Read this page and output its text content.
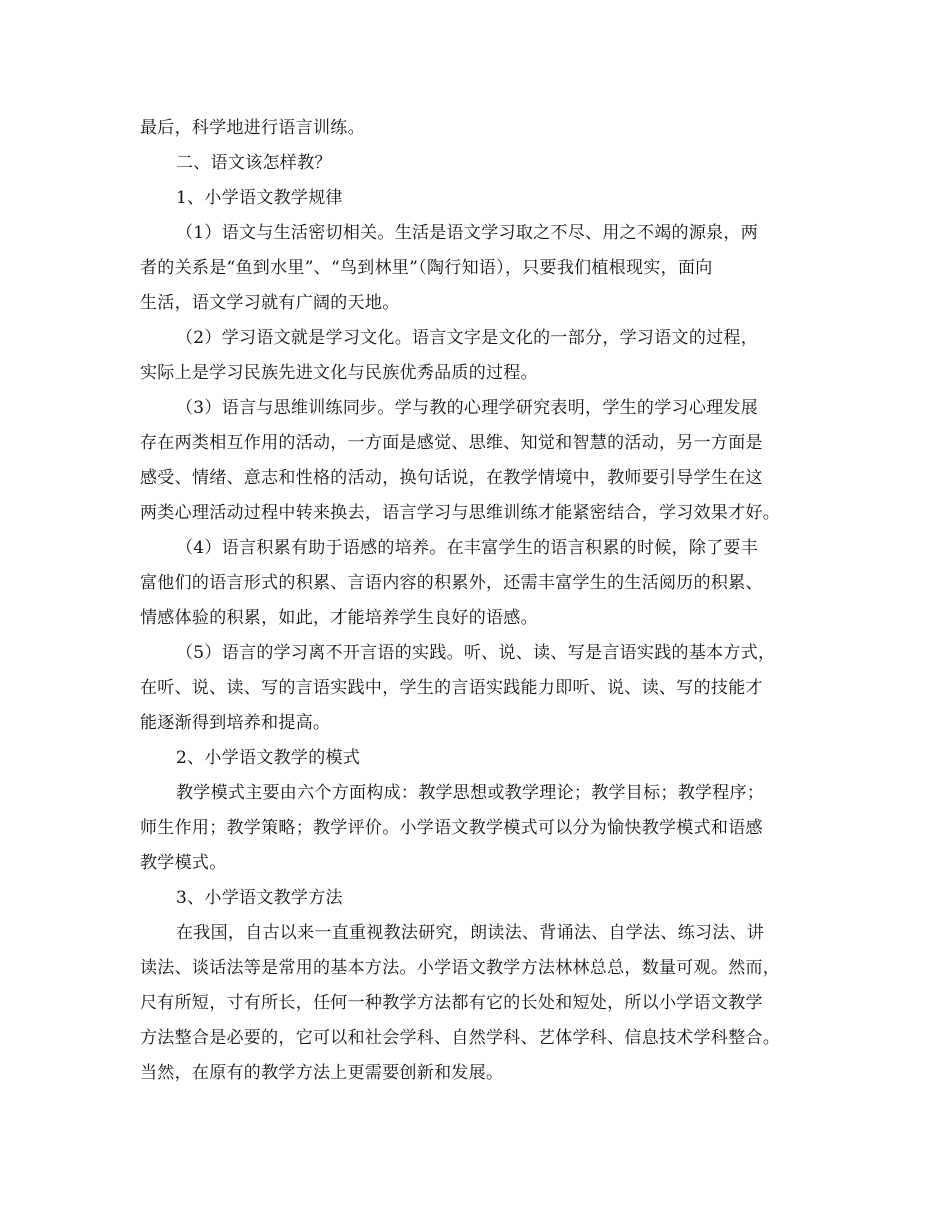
最后，科学地进行语言训练。
二、语文该怎样教？
1、小学语文教学规律
（1）语文与生活密切相关。生活是语文学习取之不尽、用之不竭的源泉，两
者的关系是“鱼到水里”、“鸟到林里”（陶行知语），只要我们植根现实，面向
生活，语文学习就有广阔的天地。
（2）学习语文就是学习文化。语言文字是文化的一部分，学习语文的过程，
实际上是学习民族先进文化与民族优秀品质的过程。
（3）语言与思维训练同步。学与教的心理学研究表明，学生的学习心理发展
存在两类相互作用的活动，一方面是感觉、思维、知觉和智慧的活动，另一方面是
感受、情绪、意志和性格的活动，换句话说，在教学情境中，教师要引导学生在这
两类心理活动过程中转来换去，语言学习与思维训练才能紧密结合，学习效果才好。
（4）语言积累有助于语感的培养。在丰富学生的语言积累的时候，除了要丰
富他们的语言形式的积累、言语内容的积累外，还需丰富学生的生活阅历的积累、
情感体验的积累，如此，才能培养学生良好的语感。
（5）语言的学习离不开言语的实践。听、说、读、写是言语实践的基本方式，
在听、说、读、写的言语实践中，学生的言语实践能力即听、说、读、写的技能才
能逐渐得到培养和提高。
2、小学语文教学的模式
教学模式主要由六个方面构成：教学思想或教学理论；教学目标；教学程序；
师生作用；教学策略；教学评价。小学语文教学模式可以分为愉快教学模式和语感
教学模式。
3、小学语文教学方法
在我国，自古以来一直重视教法研究，朗读法、背诵法、自学法、练习法、讲
读法、谈话法等是常用的基本方法。小学语文教学方法林林总总，数量可观。然而，
尺有所短，寸有所长，任何一种教学方法都有它的长处和短处，所以小学语文教学
方法整合是必要的，它可以和社会学科、自然学科、艺体学科、信息技术学科整合。
当然，在原有的教学方法上更需要创新和发展。
